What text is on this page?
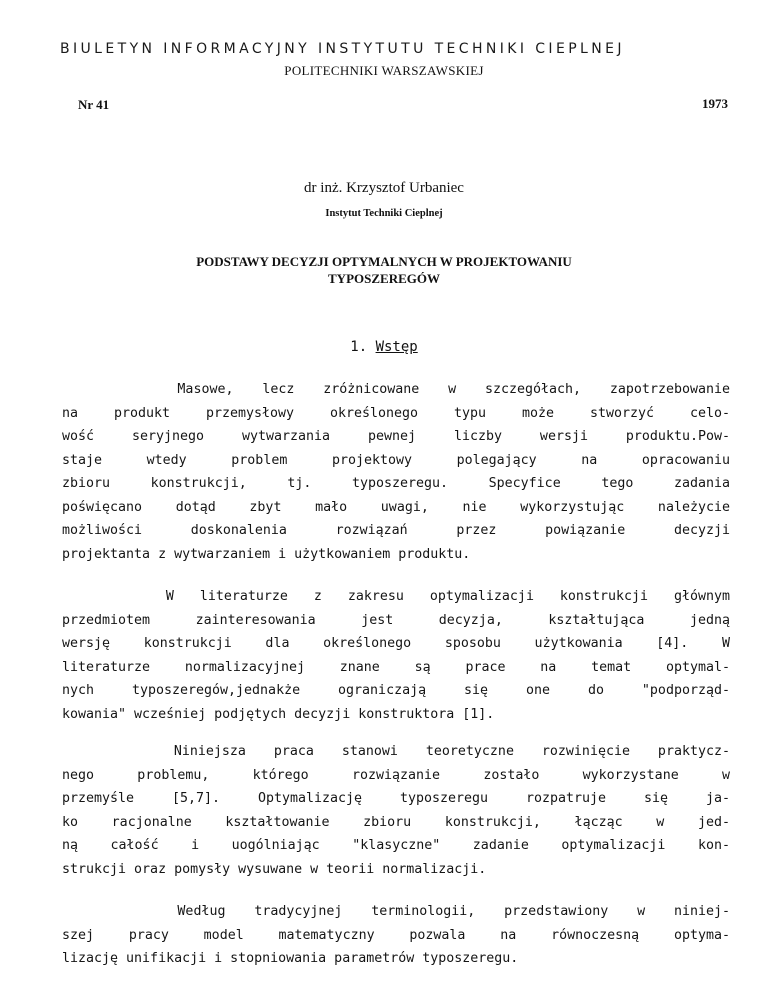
BIULETYN INFORMACYJNY INSTYTUTU TECHNIKI CIEPLNEJ
POLITECHNIKI WARSZAWSKIEJ
Nr 41	1973
dr inż. Krzysztof Urbaniec
Instytut Techniki Cieplnej
PODSTAWY DECYZJI OPTYMALNYCH W PROJEKTOWANIU
TYPOSZEREGÓW
1. Wstęp
Masowe, lecz zróżnicowane w szczegółach, zapotrzebowanie
na produkt przemysłowy określonego typu może stworzyć celo-
wość seryjnego wytwarzania pewnej liczby wersji produktu.Pow-
staje wtedy problem projektowy polegający na opracowaniu
zbioru konstrukcji, tj. typoszeregu. Specyfice tego zadania
poświęcano dotąd zbyt mało uwagi, nie wykorzystując należycie
możliwości doskonalenia rozwiązań przez powiązanie decyzji
projektanta z wytwarzaniem i użytkowaniem produktu.
W literaturze z zakresu optymalizacji konstrukcji głównym
przedmiotem zainteresowania jest decyzja, kształtująca jedną
wersję konstrukcji dla określonego sposobu użytkowania [4]. W
literaturze normalizacyjnej znane są prace na temat optymal-
nych typoszeregów,jednakże ograniczają się one do "podporząd-
kowania" wcześniej podjętych decyzji konstruktora [1].
Niniejsza praca stanowi teoretyczne rozwinięcie praktycz-
nego problemu, którego rozwiązanie zostało wykorzystane w
przemyśle [5,7]. Optymalizację typoszeregu rozpatruje się ja-
ko racjonalne kształtowanie zbioru konstrukcji, łącząc w jed-
ną całość i uogólniając "klasyczne" zadanie optymalizacji kon-
strukcji oraz pomysły wysuwane w teorii normalizacji.
Według tradycyjnej terminologii, przedstawiony w niniej-
szej pracy model matematyczny pozwala na równoczesną optyma-
lizację unifikacji i stopniowania parametrów typoszeregu.
